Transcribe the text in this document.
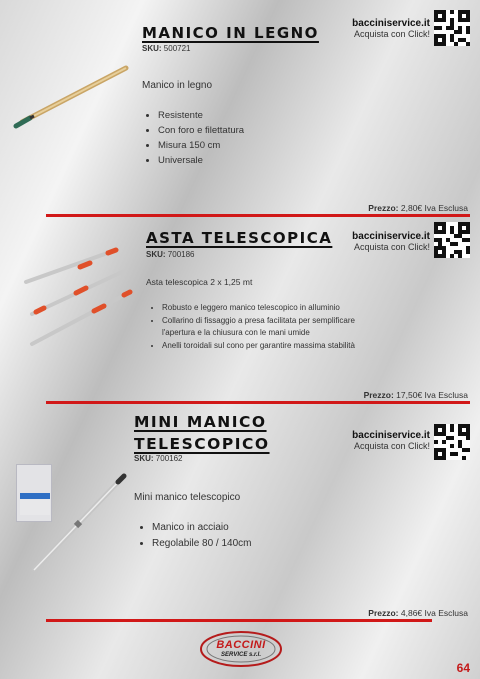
MANICO IN LEGNO
SKU: 500721
Manico in legno
• Resistente
• Con foro e filettatura
• Misura 150 cm
• Universale
bacciniservice.it
Acquista con Click!
Prezzo: 2,80€ Iva Esclusa
ASTA TELESCOPICA
SKU: 700186
Asta telescopica 2 x 1,25 mt
• Robusto e leggero manico telescopico in alluminio
• Collarino di fissaggio a presa facilitata per semplificare l'apertura e la chiusura con le mani umide
• Anelli toroidali sul cono per garantire massima stabilità
bacciniservice.it
Acquista con Click!
Prezzo: 17,50€ Iva Esclusa
MINI MANICO
TELESCOPICO
SKU: 700162
Mini manico telescopico
• Manico in acciaio
• Regolabile 80 / 140cm
bacciniservice.it
Acquista con Click!
Prezzo: 4,86€ Iva Esclusa
BACCINI
SERVICE s.r.l.
64
